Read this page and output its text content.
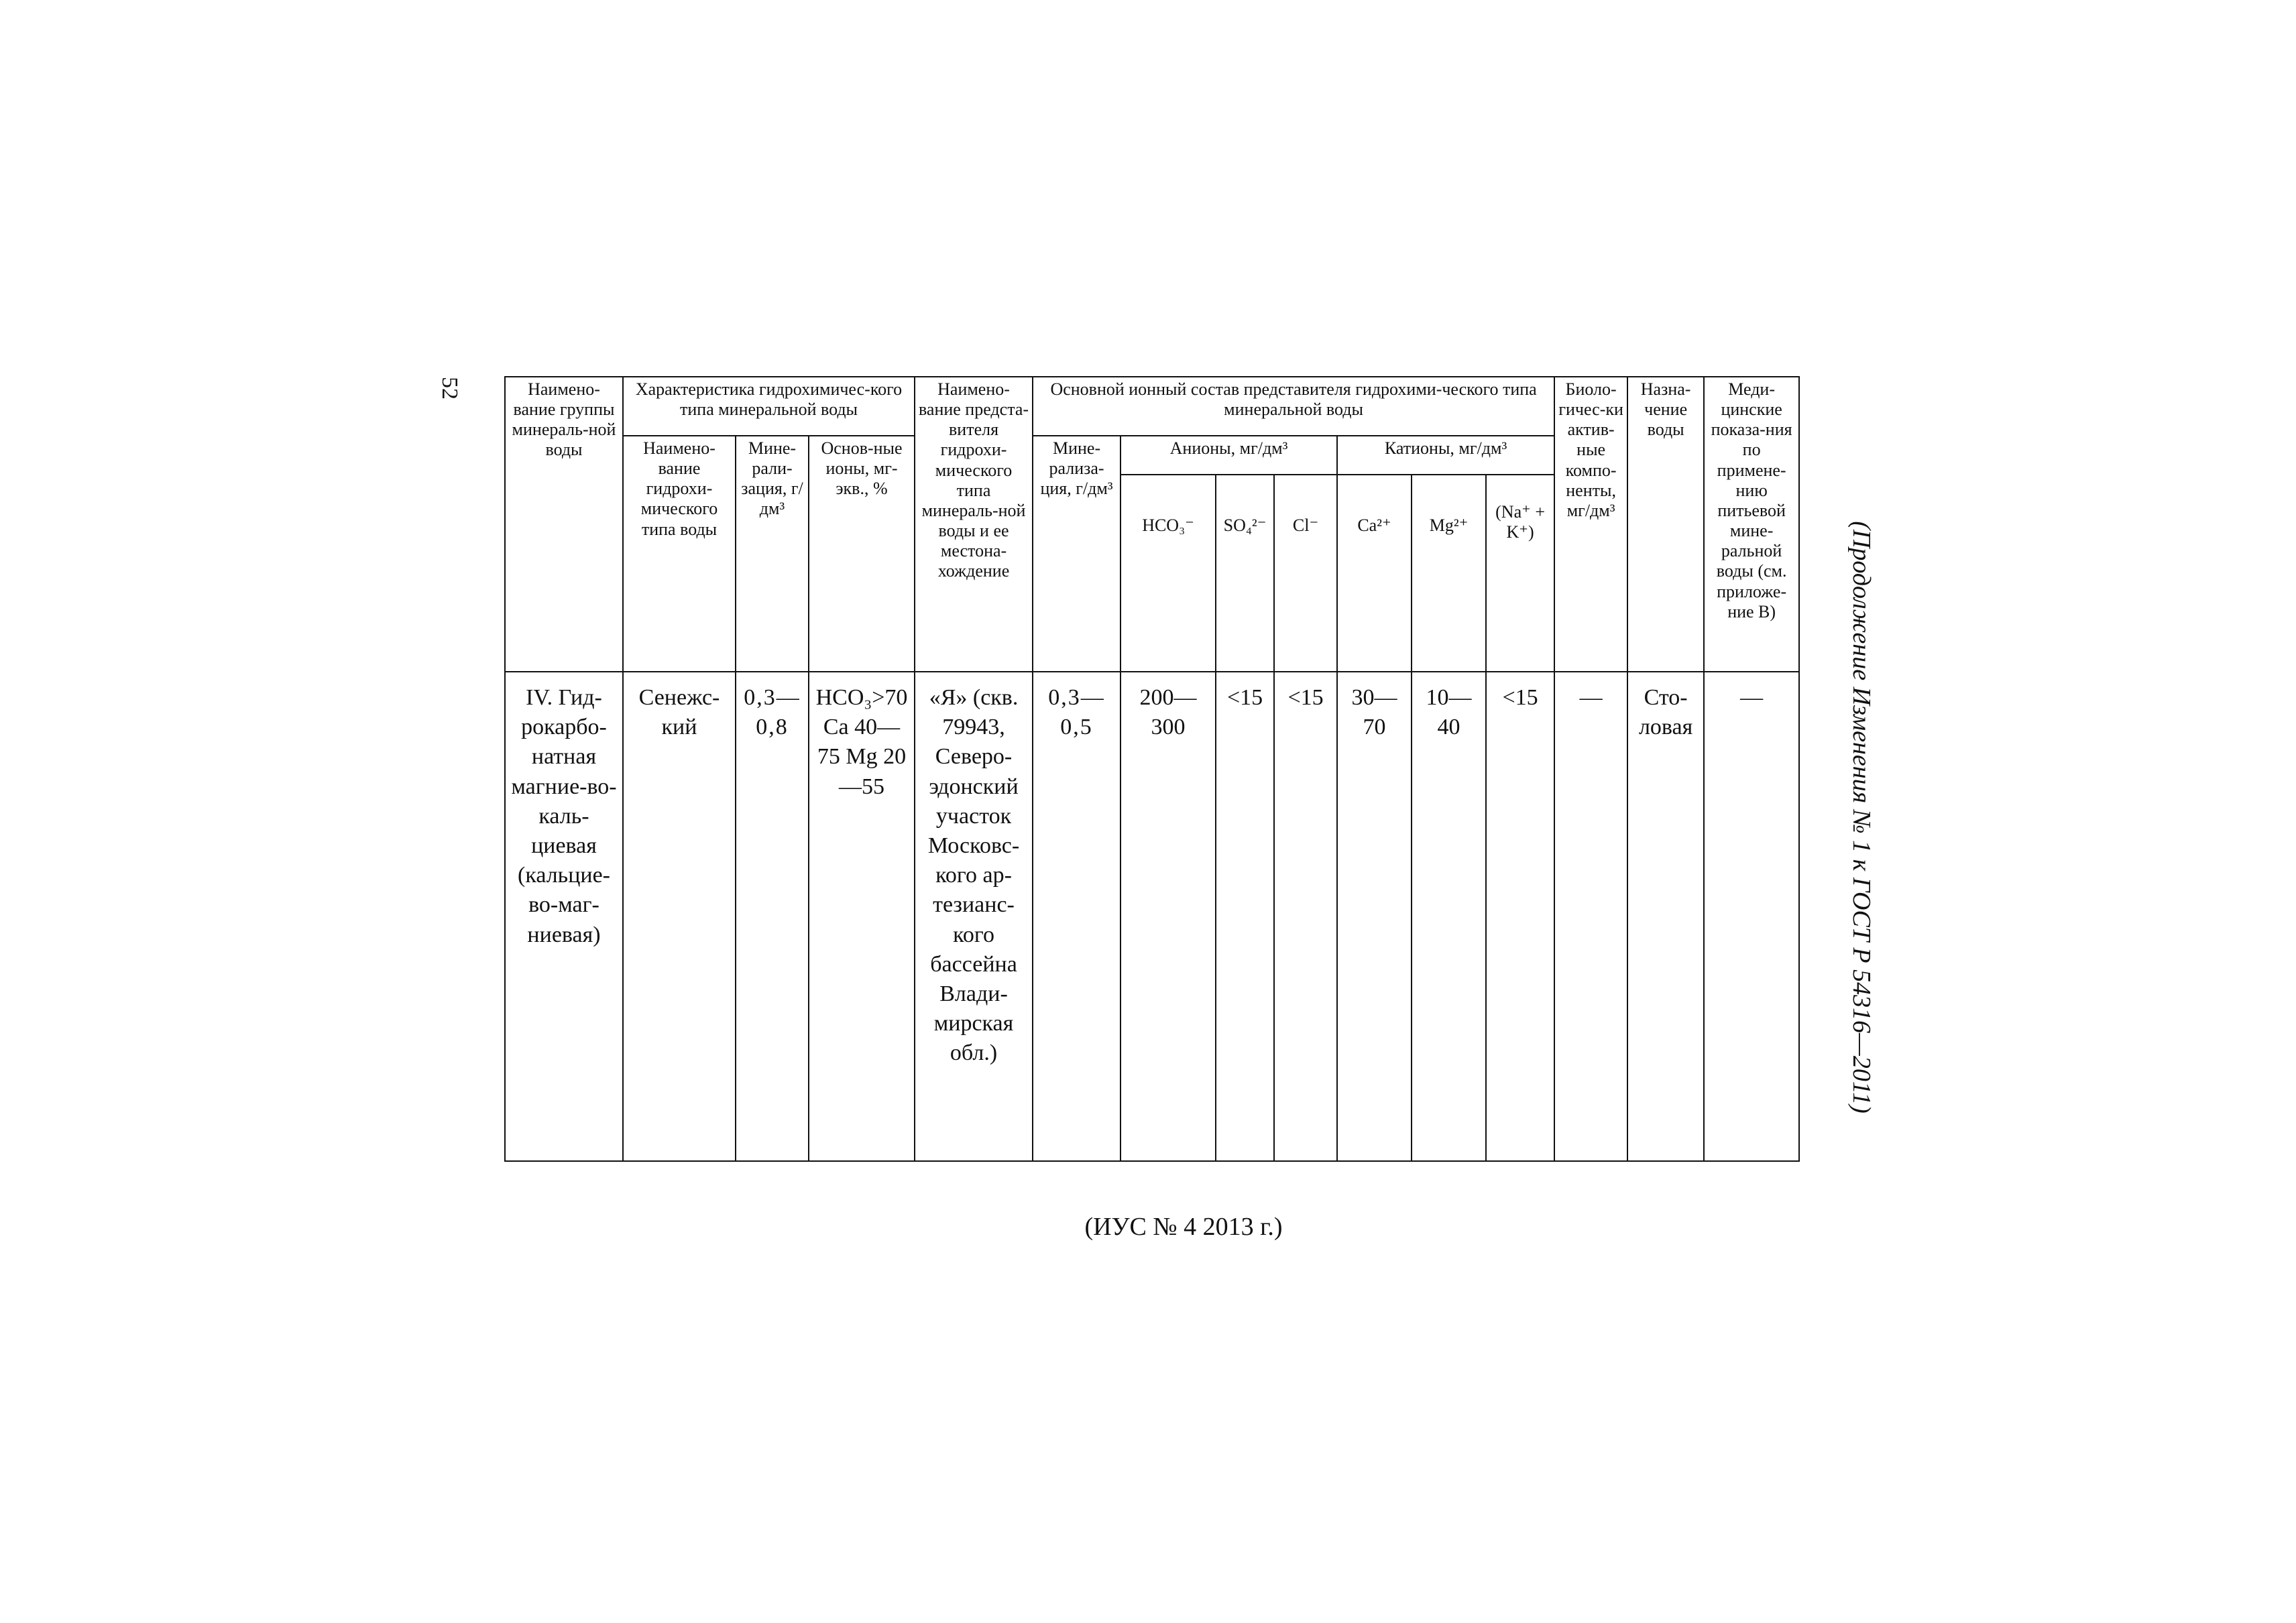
52
(Продолжение Изменения № 1 к ГОСТ Р 54316—2011)
Наимено-вание группы минераль-ной воды	Характеристика гидрохимичес-кого типа минеральной воды			Наимено-вание предста-вителя гидрохи-мического типа минераль-ной воды и ее местона-хождение	Основной ионный состав представителя гидрохими-ческого типа минеральной воды							Биоло-гичес-ки актив-ные компо-ненты, мг/дм³	Назна-чение воды	Меди-цинские показа-ния по примене-нию питьевой мине-ральной воды (см. приложе-ние В)
	Наимено-вание гидрохи-мического типа воды	Мине-рали-зация, г/дм³	Основ-ные ионы, мг-экв., %		Мине-рализа-ция, г/дм³	Анионы, мг/дм³			Катионы, мг/дм³					
						HCO₃⁻	SO₄²⁻	Cl⁻	Ca²⁺	Mg²⁺	(Na⁺ + K⁺)			
IV. Гид-рокарбо-натная магние-во-каль-циевая (кальцие-во-маг-ниевая)	Сенежс-кий	0,3— 0,8	HCO₃>70 Ca 40—75 Mg 20—55	«Я» (скв. 79943, Северо-эдонский участок Московс-кого ар-тезианс-кого бассейна Влади-мирская обл.)	0,3— 0,5	200— 300	<15	<15	30—70	10—40	<15	—	Сто-ловая	—
(ИУС № 4 2013 г.)
